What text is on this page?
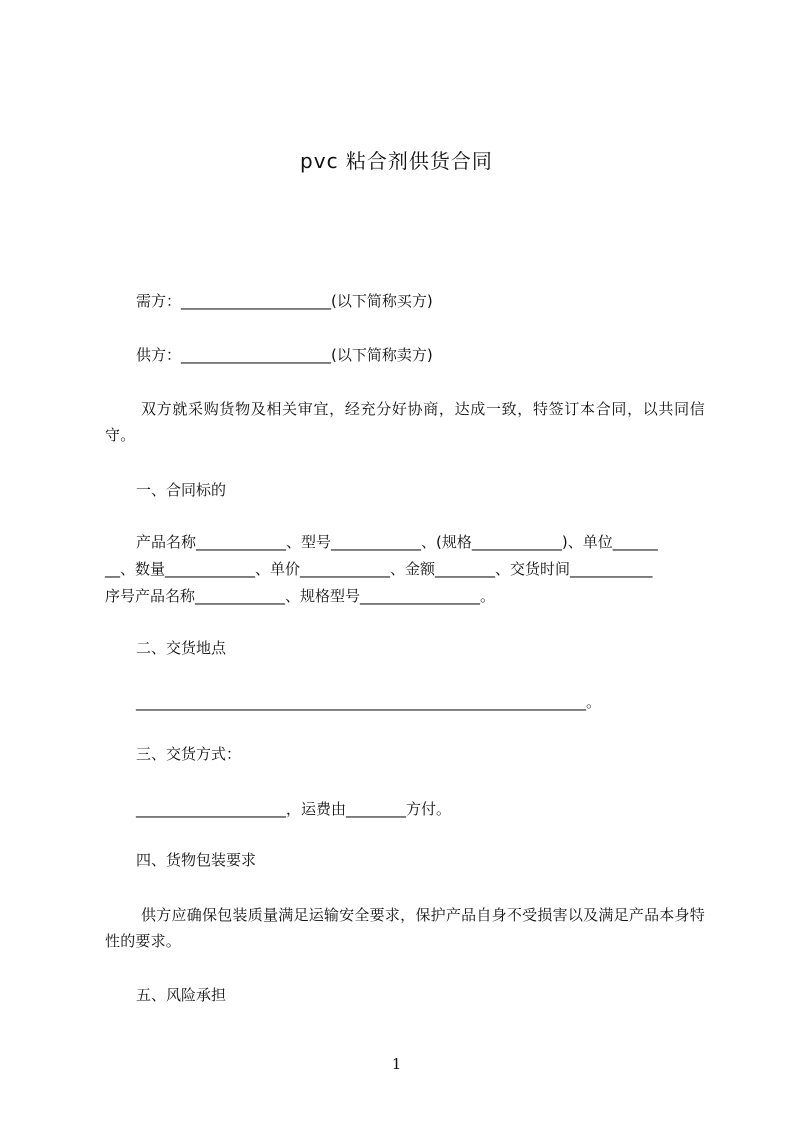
pvc 粘合剂供货合同

需方：____________________(以下简称买方)

供方：____________________(以下简称卖方)

双方就采购货物及相关审宜，经充分好协商，达成一致，特签订本合同，以共同信守。

一、合同标的

产品名称____________、型号____________、(规格____________)、单位______

__、数量____________、单价____________、金额________、交货时间___________

序号产品名称____________、规格型号________________。

二、交货地点

____________________________________________________________。

三、交货方式：

____________________，运费由________方付。

四、货物包装要求

供方应确保包装质量满足运输安全要求，保护产品自身不受损害以及满足产品本身特性的要求。

五、风险承担

1
